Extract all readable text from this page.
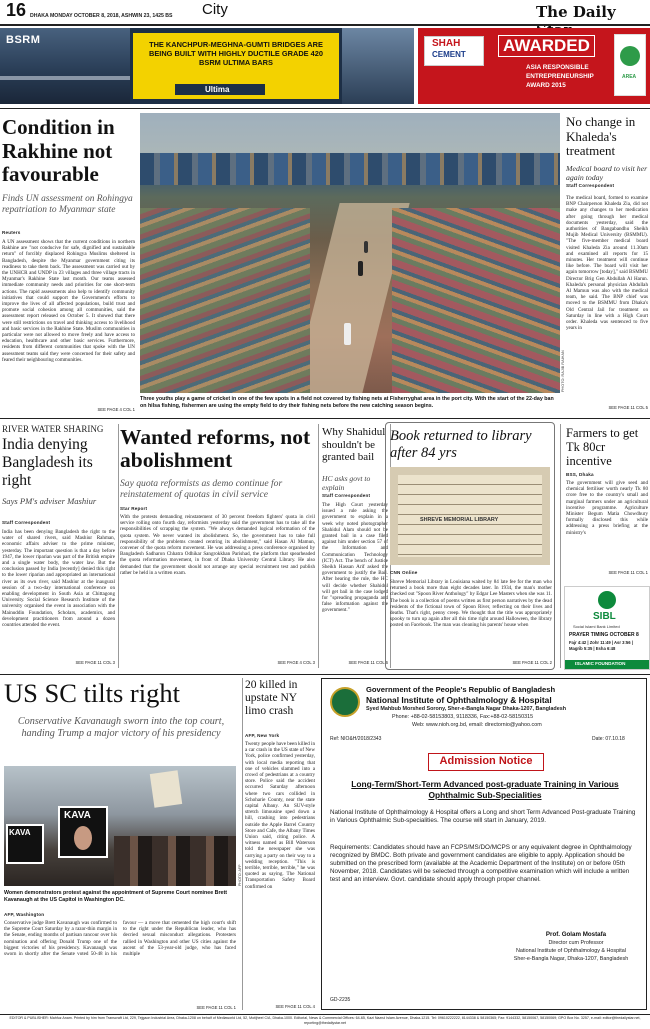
16 DHAKA MONDAY OCTOBER 8, 2018, ASHWIN 23, 1425 BS City	The Daily
BSRM	THE KANCHPUR-MEGHNA-GUMTI BRIDGES ARE BEING BUILT WITH HIGHLY DUCTILE GRADE 420 BSRM ULTIMA BARS
Ultima
SHAH
CEMENT AWARDED
ASIA RESPONSIBLE
ENTREPRENEURSHIP
AWARD 2015
AREA
Condition in Rakhine not favourable
Finds UN assessment on Rohingya repatriation to Myanmar state
Reuters
A UN assessment shows that the current conditions in northern Rakhine are "not conducive for safe, dignified and sustainable return" of forcibly displaced Rohingya Muslims sheltered in Bangladesh, despite the Myanmar government citing its readiness to take them back. The assessment was carried out by the UNHCR and UNDP in 23 villages and three village tracts in Myanmar's Rakhine State last month. Our teams assessed immediate community needs and priorities for one short-term actions. The rapid assessments also help to identify community initiatives that could support the Government's efforts to improve the lives of all affected populations, build trust and promote social cohesion among all communities, said the assessment report released on October 5. It showed that there were still restrictions on travel and thinking access to livelihood and basic services in the Rakhine State. Muslim communities in particular were not allowed to move freely and have access to education, healthcare and other basic services. Furthermore, residents from different communities that spoke with the UN assessment teams said they were concerned for their safety and feared their neighbouring communities.
SEE PAGE 4 COL 1
PHOTO: RAJIB RAIHAN
Three youths play a game of cricket in one of the few spots in a field not covered by fishing nets at Fisherryghat area in the port city. With the start of the 22-day ban on hilsa fishing, fishermen are using the empty field to dry their fishing nets before the new catching season begins.
No change in Khaleda's treatment
Medical board to visit her again today
Staff Correspondent
The medical board, formed to examine BNP Chairperson Khaleda Zia, did not make any changes to her medication after going through her medical documents yesterday, said the authorities of Bangabandhu Sheikh Mujib Medical University (BSMMU). "The five-member medical board visited Khaleda Zia around 11.30am and examined all reports for 15 minutes. Her treatment will continue like before. The board will visit her again tomorrow [today]," said BSMMU Director Brig Gen Abdullah Al Harun. Khaleda's personal physician Abdullah Al Mamun was also with the medical team, he said. The BNP chief was moved to the BSMMU from Dhaka's Old Central Jail for treatment on Saturday in line with a High Court order. Khaleda was sentenced to five years in
SEE PAGE 11 COL 5
RIVER WATER SHARING
India denying Bangladesh its right
Says PM's adviser Mashiur
Staff Correspondent
India has been denying Bangladesh the right to the water of shared rivers, said Mashiur Rahman, economic affairs adviser to the prime minister, yesterday. The important question is that a day before 1947, the lower riparian was part of the British empire and a single water body, the water law. But the conclusion passed by India [recently] denied this right to the lower riparian and appropriated an international river as its own river, said Mashiur at the inaugural session of a two-day international conference on enabling development in South Asia at Chittagong University. Social Science Research Institute of the university organised the event in association with the Mainuddin Foundation, Scholars, academics, and development practitioners from around a dozen countries attended the event.
SEE PAGE 11 COL 3
Wanted reforms, not abolishment
Say quota reformists as demo continue for reinstatement of quotas in civil service
Star Report
With the protests demanding reinstatement of 30 percent freedom fighters' quota in civil service rolling onto fourth day, reformists yesterday said the government has to take all the responsibilities of scrapping the system. "We always demanded logical reformation of the quota system. We never wanted its abolishment. So, the government has to take full responsibility of the problems created centring its abolishment," said Hasan Al Mamun, convener of the quota reform movement. He was addressing a press conference organised by Bangladesh Sadharon Chhatra Odhikar Sangrokkhan Parishad, the platform that spearheaded the quota reformation movement, in front of Dhaka University Central Library. He also demanded that the government should not arrange any special recruitment test and publish rather be held in a written exam.
SEE PAGE 4 COL 3
Why Shahidul shouldn't be granted bail
HC asks govt to explain
Staff Correspondent
The High Court yesterday issued a rule asking the government to explain in a week why noted photographer Shahidul Alam should not be granted bail in a case filed against him under section 57 of the Information and Communication Technology (ICT) Act. The bench of Justice Sheikh Hassan Arif asked the government to justify the Bail. After hearing the rule, the HC will decide whether Shahidul will get bail in the case lodged for "spreading propaganda and false information against the government."
SEE PAGE 11 COL 6
Book returned to library after 84 yrs
SHREVE MEMORIAL LIBRARY
CNN Online
Shreve Memorial Library in Louisiana waited by 84 late fee for the man who returned a book more than eight decades later. In 1934, the man's mother checked out "Spoon River Anthology" by Edgar Lee Masters when she was 11. The book is a collection of poems written as first person narratives by the dead residents of the fictional town of Spoon River, reflecting on their lives and deaths. That's right, penny creep. We thought that the title was appropriately spooky to turn up again after all this time right around Halloween, the library posted on Facebook. The man was cleaning his parents' house when
SEE PAGE 11 COL 2
Farmers to get Tk 80cr incentive
BSS, Dhaka
The government will give seed and chemical fertiliser worth nearly Tk 80 crore free to the country's small and marginal farmers under an agricultural incentive programme. Agriculture Minister Begum Matia Chowdhury formally disclosed this while addressing a press briefing at the ministry's
SEE PAGE 11 COL 1
SIBL
Social Islami Bank Limited
PRAYER TIMING OCTOBER 8
Fajr 4:42 | Zohr 11:49 | Asr 3:56 | Magrib 5:35 | Esha 6:48
ISLAMIC FOUNDATION
US SC tilts right
Conservative Kavanaugh sworn into the top court, handing Trump a major victory of his presidency
KAVA
KAVA
PHOTO: AFP
Women demonstrators protest against the appointment of Supreme Court nominee Brett Kavanaugh at the US Capitol in Washington DC.
AFP, Washington
Conservative judge Brett Kavanaugh was confirmed to the Supreme Court Saturday by a razor-thin margin in the Senate, ending months of partisan rancour over his nomination and offering Donald Trump one of the biggest victories of his presidency. Kavanaugh was sworn in shortly after the Senate voted 50-48 in his favour — a move that cemented the high court's shift to the right under the Republican leader, who has decried sexual misconduct allegations. Protesters rallied in Washington and other US cities against the ascent of the 53-year-old judge, who has faced multiple
SEE PAGE 11 COL 1
20 killed in upstate NY limo crash
AFP, New York
Twenty people have been killed in a car crash in the US state of New York, police confirmed yesterday, with local media reporting that one of vehicles slammed into a crowd of pedestrians at a country store. Police said the accident occurred Saturday afternoon where two cars collided in Schoharie County, near the state capital Albany. An SUV-style stretch limousine sped down a hill, crashing into pedestrians outside the Apple Barrel Country Store and Cafe, the Albany Times Union said, citing police. A witness named as Bill Waterson told the newspaper she was carrying a party on their way to a wedding reception. "This is terrible, terrible, terrible," he was quoted as saying. The National Transportation Safety Board confirmed on
SEE PAGE 11 COL 4
Government of the People's Republic of Bangladesh
National Institute of Ophthalmology & Hospital
Syed Mahbub Morshed Sorony, Sher-e-Bangla Nagar Dhaka-1207, Bangladesh
Phone: +88-02-58153803, 9118336, Fax:+88-02-58150315
Web: www.nioh.org.bd, email: directornio@yahoo.com
Ref: NIO&H/2018/2343	Date: 07.10.18
Admission Notice
Long-Term/Short-Term Advanced post-graduate Training in Various Ophthalmic Sub-Specialities
National Institute of Ophthalmology & Hospital offers a Long and short Term Advanced Post-graduate Training in Various Ophthalmic Sub-specialities. The course will start in January, 2019.
Requirements: Candidates should have an FCPS/MS/DO/MCPS or any equivalent degree in Ophthalmology recognized by BMDC. Both private and government candidates are eligible to apply. Application should be submitted on the prescribed form (available at the Academic Department of the Institute) on or before 05th November, 2018. Candidates will be selected through a competitive examination which will include a written test and an interview. Govt. candidate should apply through proper channel.
Prof. Golam Mostafa
Director cum Professor
National Institute of Ophthalmology & Hospital
Sher-e-Bangla Nagar, Dhaka-1207, Bangladesh
GD-2235
EDITOR & PUBLISHER: Mahfuz Anam. Printed by him from Transcraft Ltd, 229, Tejgaon Industrial Area, Dhaka-1208 on behalf of Mediaworld Ltd, 52, Motijheel C/A, Dhaka-1000. Editorial, News & Commercial Offices: 64-65, Kazi Nazrul Islam Avenue, Dhaka-1215. Tel: 09610222222, 8144338 & 58150365; Fax: 9144332, 58150067, 58150069; GPO Box No. 3257, e-mail: editor@thedailystar.net, reporting@thedailystar.net
